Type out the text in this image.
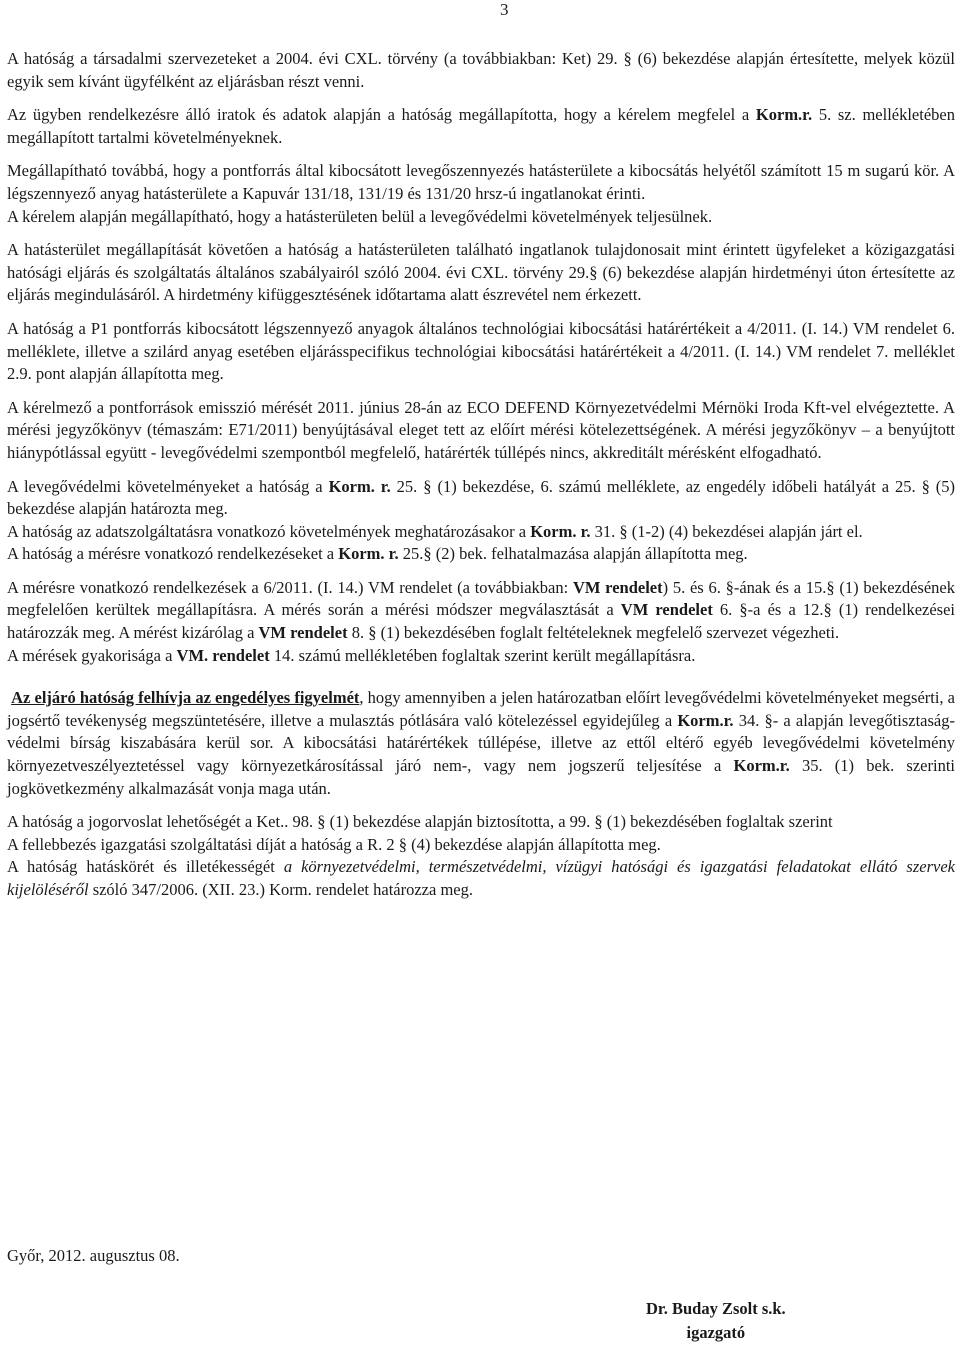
3

A hatóság a társadalmi szervezeteket a 2004. évi CXL. törvény (a továbbiakban: Ket) 29. § (6) bekezdése alapján értesítette, melyek közül egyik sem kívánt ügyfélként az eljárásban részt venni.

Az ügyben rendelkezésre álló iratok és adatok alapján a hatóság megállapította, hogy a kérelem megfelel a Korm.r. 5. sz. mellékletében megállapított tartalmi követelményeknek.

Megállapítható továbbá, hogy a pontforrás által kibocsátott levegőszennyezés hatásterülete a kibocsátás helyétől számított 15 m sugarú kör. A légszennyező anyag hatásterülete a Kapuvár 131/18, 131/19 és 131/20 hrsz-ú ingatlanokat érinti.

A kérelem alapján megállapítható, hogy a hatásterületen belül a levegővédelmi követelmények teljesülnek.

A hatásterület megállapítását követően a hatóság a hatásterületen található ingatlanok tulajdonosait mint érintett ügyfeleket a közigazgatási hatósági eljárás és szolgáltatás általános szabályairól szóló 2004. évi CXL. törvény 29.§ (6) bekezdése alapján hirdetményi úton értesítette az eljárás megindulásáról. A hirdetmény kifüggesztésének időtartama alatt észrevétel nem érkezett.

A hatóság a P1 pontforrás kibocsátott légszennyező anyagok általános technológiai kibocsátási határértékeit a 4/2011. (I. 14.) VM rendelet 6. melléklete, illetve a szilárd anyag esetében eljárásspecifikus technológiai kibocsátási határértékeit a 4/2011. (I. 14.) VM rendelet 7. melléklet 2.9. pont alapján állapította meg.

A kérelmező a pontforrások emisszió mérését 2011. június 28-án az ECO DEFEND Környezetvédelmi Mérnöki Iroda Kft-vel elvégeztette. A mérési jegyzőkönyv (témaszám: E71/2011) benyújtásával eleget tett az előírt mérési kötelezettségének. A mérési jegyzőkönyv – a benyújtott hiánypótlással együtt - levegővédelmi szempontból megfelelő, határérték túllépés nincs, akkreditált mérésként elfogadható.

A levegővédelmi követelményeket a hatóság a Korm. r. 25. § (1) bekezdése, 6. számú melléklete, az engedély időbeli hatályát a 25. § (5) bekezdése alapján határozta meg.

A hatóság az adatszolgáltatásra vonatkozó követelmények meghatározásakor a Korm. r. 31. § (1-2) (4) bekezdései alapján járt el.

A hatóság a mérésre vonatkozó rendelkezéseket a Korm. r. 25.§ (2) bek. felhatalmazása alapján állapította meg.

A mérésre vonatkozó rendelkezések a 6/2011. (I. 14.) VM rendelet (a továbbiakban: VM rendelet) 5. és 6. §-ának és a 15.§ (1) bekezdésének megfelelően kerültek megállapításra. A mérés során a mérési módszer megválasztását a VM rendelet 6. §-a és a 12.§ (1) rendelkezései határozzák meg. A mérést kizárólag a VM rendelet 8. § (1) bekezdésében foglalt feltételeknek megfelelő szervezet végezheti.

A mérések gyakorisága a VM. rendelet 14. számú mellékletében foglaltak szerint került megállapításra.

Az eljáró hatóság felhívja az engedélyes figyelmét, hogy amennyiben a jelen határozatban előírt levegővédelmi követelményeket megsérti, a jogsértő tevékenység megszüntetésére, illetve a mulasztás pótlására való kötelezéssel egyidejűleg a Korm.r. 34. §- a alapján levegőtisztaság-védelmi bírság kiszabására kerül sor. A kibocsátási határértékek túllépése, illetve az ettől eltérő egyéb levegővédelmi követelmény környezetveszélyeztetéssel vagy környezetkárosítással járó nem-, vagy nem jogszerű teljesítése a Korm.r. 35. (1) bek. szerinti jogkövetkezmény alkalmazását vonja maga után.

A hatóság a jogorvoslat lehetőségét a Ket.. 98. § (1) bekezdése alapján biztosította, a 99. § (1) bekezdésében foglaltak szerint

A fellebbezés igazgatási szolgáltatási díját a hatóság a R. 2 § (4) bekezdése alapján állapította meg.

A hatóság hatáskörét és illetékességét a környezetvédelmi, természetvédelmi, vízügyi hatósági és igazgatási feladatokat ellátó szervek kijelöléséről szóló 347/2006. (XII. 23.) Korm. rendelet határozza meg.

Győr, 2012. augusztus 08.
Dr. Buday Zsolt s.k.
igazgató
